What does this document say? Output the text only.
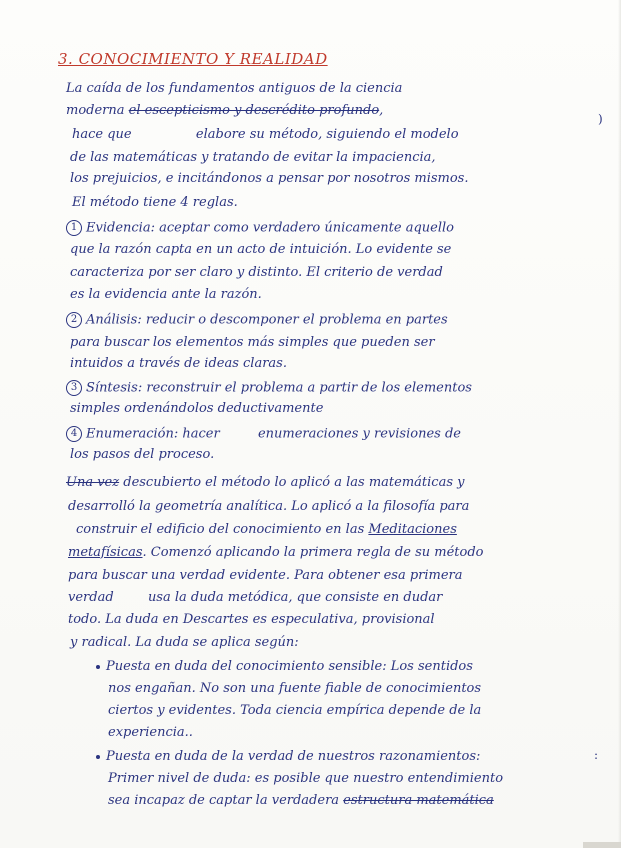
3. CONOCIMIENTO Y REALIDAD
La caída de los fundamentos antiguos de la ciencia
moderna el escepticismo y descrédito profundo,
hace que	elabore su método, siguiendo el modelo
de las matemáticas y tratando de evitar la impaciencia,
los prejuicios, e incitándonos a pensar por nosotros mismos.
El método tiene 4 reglas.
)
1 Evidencia: aceptar como verdadero únicamente aquello
que la razón capta en un acto de intuición. Lo evidente se
caracteriza por ser claro y distinto. El criterio de verdad
es la evidencia ante la razón.
2 Análisis: reducir o descomponer el problema en partes
para buscar los elementos más simples que pueden ser
intuidos a través de ideas claras.
3 Síntesis: reconstruir el problema a partir de los elementos
simples ordenándolos deductivamente
4 Enumeración: hacer	enumeraciones y revisiones de
los pasos del proceso.
Una vez descubierto el método lo aplicó a las matemáticas y
desarrolló la geometría analítica. Lo aplicó a la filosofía para
construir el edificio del conocimiento en las Meditaciones
metafísicas. Comenzó aplicando la primera regla de su método
para buscar una verdad evidente. Para obtener esa primera
verdad	usa la duda metódica, que consiste en dudar
todo. La duda en Descartes es especulativa, provisional
y radical. La duda se aplica según:
Puesta en duda del conocimiento sensible: Los sentidos
nos engañan. No son una fuente fiable de conocimientos
ciertos y evidentes. Toda ciencia empírica depende de la
experiencia..
Puesta en duda de la verdad de nuestros razonamientos:
Primer nivel de duda: es posible que nuestro entendimiento
sea incapaz de captar la verdadera estructura matemática
:
